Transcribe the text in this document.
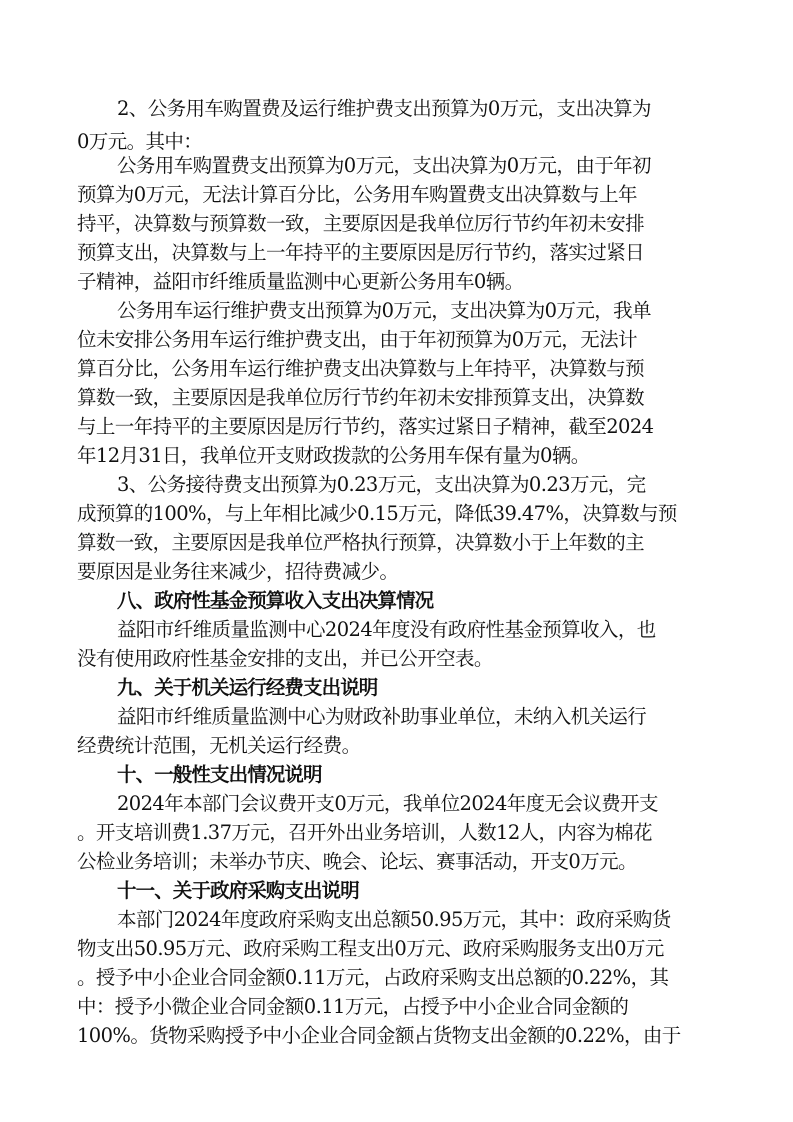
2、公务用车购置费及运行维护费支出预算为0万元，支出决算为

0万元。其中：

公务用车购置费支出预算为0万元，支出决算为0万元，由于年初

预算为0万元，无法计算百分比，公务用车购置费支出决算数与上年

持平，决算数与预算数一致，主要原因是我单位厉行节约年初未安排

预算支出，决算数与上一年持平的主要原因是厉行节约，落实过紧日

子精神，益阳市纤维质量监测中心更新公务用车0辆。

公务用车运行维护费支出预算为0万元，支出决算为0万元，我单

位未安排公务用车运行维护费支出，由于年初预算为0万元，无法计

算百分比，公务用车运行维护费支出决算数与上年持平，决算数与预

算数一致，主要原因是我单位厉行节约年初未安排预算支出，决算数

与上一年持平的主要原因是厉行节约，落实过紧日子精神，截至2024

年12月31日，我单位开支财政拨款的公务用车保有量为0辆。

3、公务接待费支出预算为0.23万元，支出决算为0.23万元，完

成预算的100%，与上年相比减少0.15万元，降低39.47%，决算数与预

算数一致，主要原因是我单位严格执行预算，决算数小于上年数的主

要原因是业务往来减少，招待费减少。

八、政府性基金预算收入支出决算情况

益阳市纤维质量监测中心2024年度没有政府性基金预算收入，也

没有使用政府性基金安排的支出，并已公开空表。

九、关于机关运行经费支出说明

益阳市纤维质量监测中心为财政补助事业单位，未纳入机关运行

经费统计范围，无机关运行经费。

十、一般性支出情况说明

2024年本部门会议费开支0万元，我单位2024年度无会议费开支

。开支培训费1.37万元，召开外出业务培训，人数12人，内容为棉花

公检业务培训；未举办节庆、晚会、论坛、赛事活动，开支0万元。

十一、关于政府采购支出说明

本部门2024年度政府采购支出总额50.95万元，其中：政府采购货

物支出50.95万元、政府采购工程支出0万元、政府采购服务支出0万元

。授予中小企业合同金额0.11万元，占政府采购支出总额的0.22%，其

中：授予小微企业合同金额0.11万元，占授予中小企业合同金额的

100%。货物采购授予中小企业合同金额占货物支出金额的0.22%，由于
